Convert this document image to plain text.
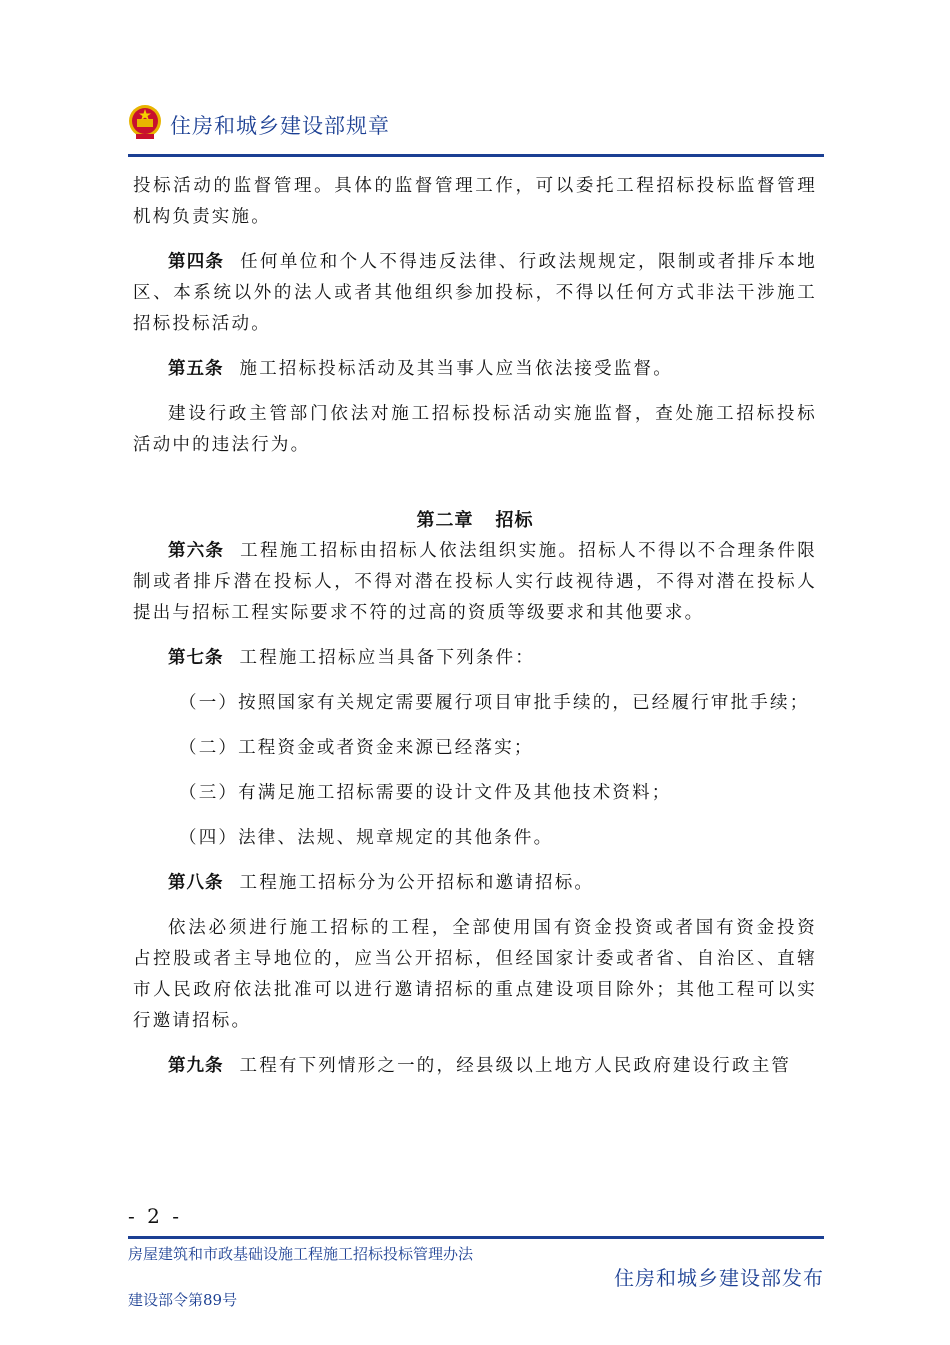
住房和城乡建设部规章

投标活动的监督管理。具体的监督管理工作，可以委托工程招标投标监督管理机构负责实施。

第四条 任何单位和个人不得违反法律、行政法规规定，限制或者排斥本地区、本系统以外的法人或者其他组织参加投标，不得以任何方式非法干涉施工招标投标活动。

第五条 施工招标投标活动及其当事人应当依法接受监督。

建设行政主管部门依法对施工招标投标活动实施监督，查处施工招标投标活动中的违法行为。

第二章 招标

第六条 工程施工招标由招标人依法组织实施。招标人不得以不合理条件限制或者排斥潜在投标人，不得对潜在投标人实行歧视待遇，不得对潜在投标人提出与招标工程实际要求不符的过高的资质等级要求和其他要求。

第七条 工程施工招标应当具备下列条件：

（一）按照国家有关规定需要履行项目审批手续的，已经履行审批手续；

（二）工程资金或者资金来源已经落实；

（三）有满足施工招标需要的设计文件及其他技术资料；

（四）法律、法规、规章规定的其他条件。

第八条 工程施工招标分为公开招标和邀请招标。

依法必须进行施工招标的工程，全部使用国有资金投资或者国有资金投资占控股或者主导地位的，应当公开招标，但经国家计委或者省、自治区、直辖市人民政府依法批准可以进行邀请招标的重点建设项目除外；其他工程可以实行邀请招标。

第九条 工程有下列情形之一的，经县级以上地方人民政府建设行政主管

- 2 -
房屋建筑和市政基础设施工程施工招标投标管理办法
建设部令第89号
住房和城乡建设部发布
